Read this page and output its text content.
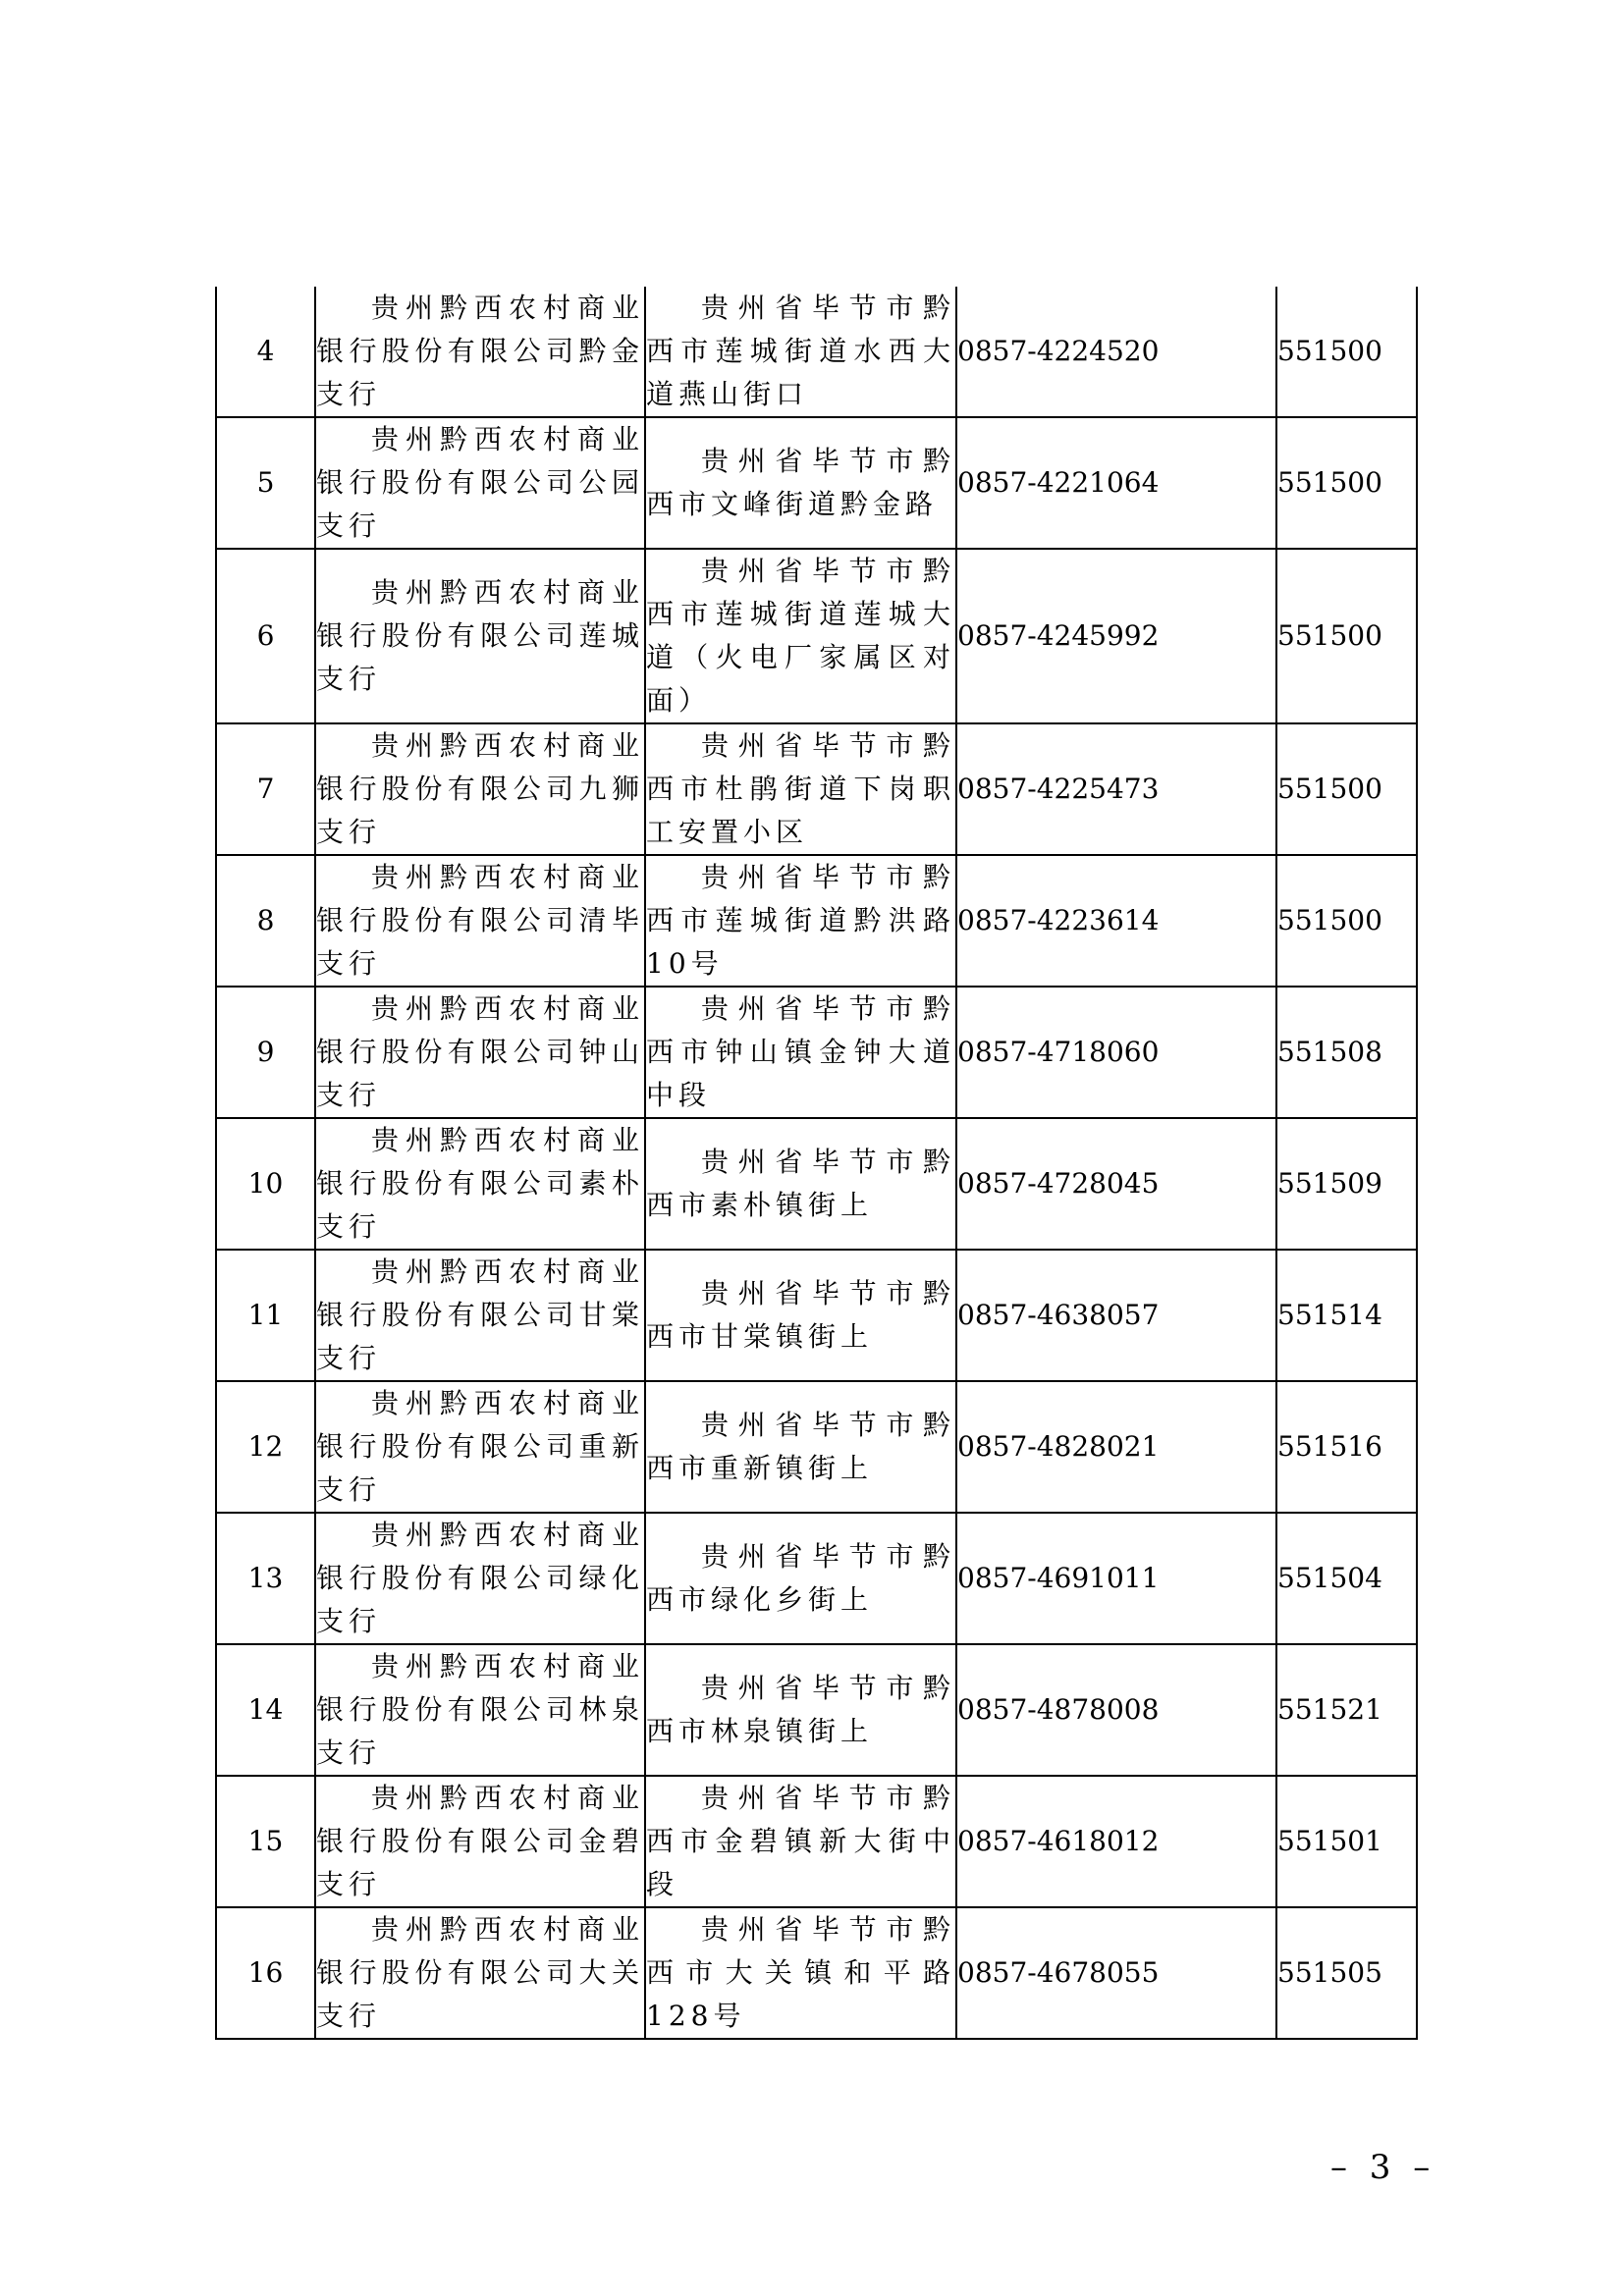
4	贵州黔西农村商业银行股份有限公司黔金支行	贵州省毕节市黔西市莲城街道水西大道燕山街口	0857-4224520	551500
5	贵州黔西农村商业银行股份有限公司公园支行	贵州省毕节市黔西市文峰街道黔金路	0857-4221064	551500
6	贵州黔西农村商业银行股份有限公司莲城支行	贵州省毕节市黔西市莲城街道莲城大道（火电厂家属区对面）	0857-4245992	551500
7	贵州黔西农村商业银行股份有限公司九狮支行	贵州省毕节市黔西市杜鹃街道下岗职工安置小区	0857-4225473	551500
8	贵州黔西农村商业银行股份有限公司清毕支行	贵州省毕节市黔西市莲城街道黔洪路10号	0857-4223614	551500
9	贵州黔西农村商业银行股份有限公司钟山支行	贵州省毕节市黔西市钟山镇金钟大道中段	0857-4718060	551508
10	贵州黔西农村商业银行股份有限公司素朴支行	贵州省毕节市黔西市素朴镇街上	0857-4728045	551509
11	贵州黔西农村商业银行股份有限公司甘棠支行	贵州省毕节市黔西市甘棠镇街上	0857-4638057	551514
12	贵州黔西农村商业银行股份有限公司重新支行	贵州省毕节市黔西市重新镇街上	0857-4828021	551516
13	贵州黔西农村商业银行股份有限公司绿化支行	贵州省毕节市黔西市绿化乡街上	0857-4691011	551504
14	贵州黔西农村商业银行股份有限公司林泉支行	贵州省毕节市黔西市林泉镇街上	0857-4878008	551521
15	贵州黔西农村商业银行股份有限公司金碧支行	贵州省毕节市黔西市金碧镇新大街中段	0857-4618012	551501
16	贵州黔西农村商业银行股份有限公司大关支行	贵州省毕节市黔西市大关镇和平路128号	0857-4678055	551505
– 3 –
